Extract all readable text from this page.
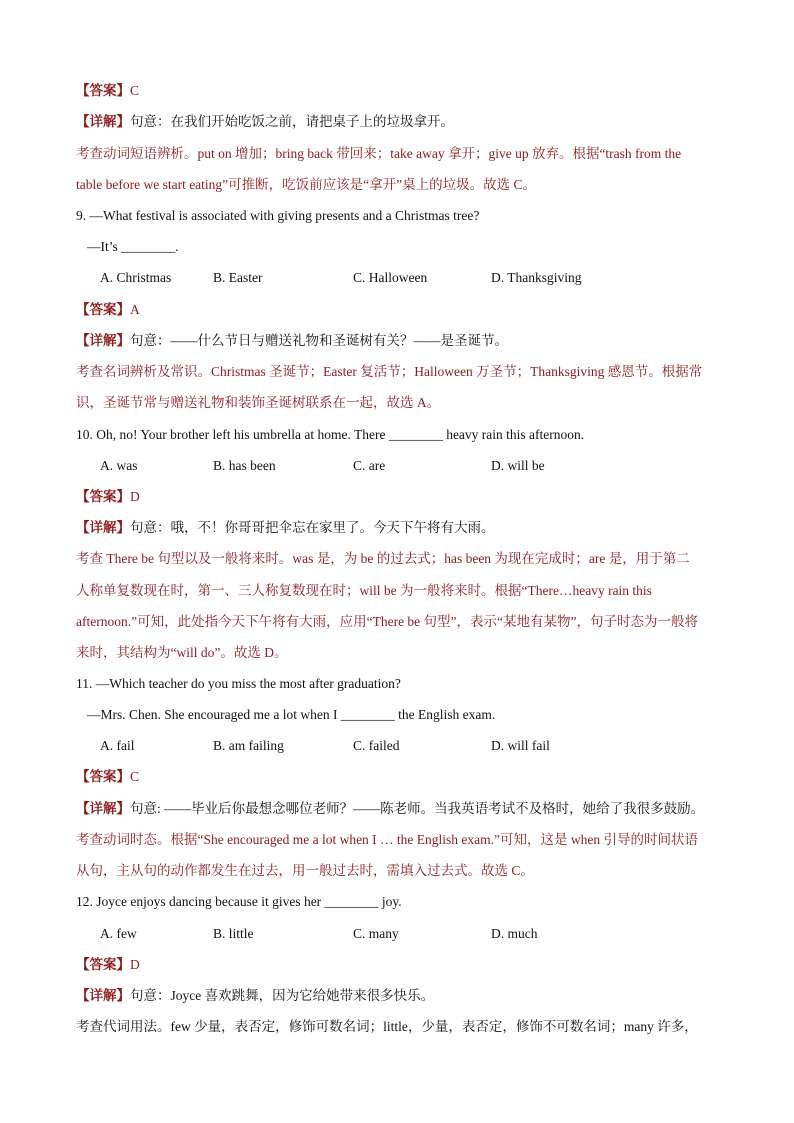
【答案】C
【详解】句意：在我们开始吃饭之前，请把桌子上的垃圾拿开。
考查动词短语辨析。put on 增加；bring back 带回来；take away 拿开；give up 放弃。根据“trash from the
table before we start eating”可推断，吃饭前应该是“拿开”桌上的垃圾。故选 C。
9. —What festival is associated with giving presents and a Christmas tree?
—It’s ________.
A. Christmas	B. Easter	C. Halloween	D. Thanksgiving
【答案】A
【详解】句意：——什么节日与赠送礼物和圣诞树有关？——是圣诞节。
考查名词辨析及常识。Christmas 圣诞节；Easter 复活节；Halloween 万圣节；Thanksgiving 感恩节。根据常
识，圣诞节常与赠送礼物和装饰圣诞树联系在一起，故选 A。
10. Oh, no! Your brother left his umbrella at home. There ________ heavy rain this afternoon.
A. was	B. has been	C. are	D. will be
【答案】D
【详解】句意：哦，不！你哥哥把伞忘在家里了。今天下午将有大雨。
考查 There be 句型以及一般将来时。was 是，为 be 的过去式；has been 为现在完成时；are 是，用于第二
人称单复数现在时，第一、三人称复数现在时；will be 为一般将来时。根据“There…heavy rain this
afternoon.”可知，此处指今天下午将有大雨，应用“There be 句型”，表示“某地有某物”，句子时态为一般将
来时，其结构为“will do”。故选 D。
11. —Which teacher do you miss the most after graduation?
—Mrs. Chen. She encouraged me a lot when I ________ the English exam.
A. fail	B. am failing	C. failed	D. will fail
【答案】C
【详解】句意: ——毕业后你最想念哪位老师？——陈老师。当我英语考试不及格时，她给了我很多鼓励。
考查动词时态。根据“She encouraged me a lot when I … the English exam.”可知，这是 when 引导的时间状语
从句，主从句的动作都发生在过去，用一般过去时，需填入过去式。故选 C。
12. Joyce enjoys dancing because it gives her ________ joy.
A. few	B. little	C. many	D. much
【答案】D
【详解】句意：Joyce 喜欢跳舞，因为它给她带来很多快乐。
考查代词用法。few 少量，表否定，修饰可数名词；little，少量，表否定，修饰不可数名词；many 许多，
